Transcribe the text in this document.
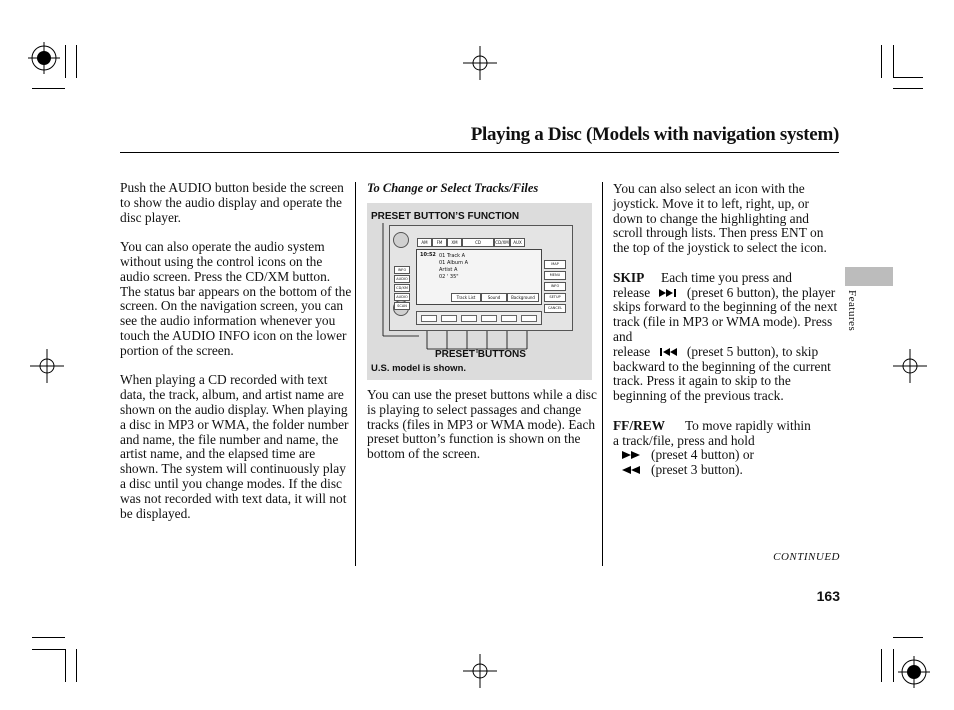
Playing a Disc (Models with navigation system)

Push the AUDIO button beside the screen to show the audio display and operate the disc player.

You can also operate the audio system without using the control icons on the audio screen. Press the CD/XM button. The status bar appears on the bottom of the screen. On the navigation screen, you can see the audio information whenever you touch the AUDIO INFO icon on the lower portion of the screen.

When playing a CD recorded with text data, the track, album, and artist name are shown on the audio display. When playing a disc in MP3 or WMA, the folder number and name, the file number and name, the artist name, and the elapsed time are shown. The system will continuously play a disc until you change modes. If the disc was not recorded with text data, it will not be displayed.

To Change or Select Tracks/Files
PRESET BUTTON’S FUNCTION
AM	FM	XM	CD	CD/XM	AUX
INFO
AUDIO
CD/XM
AUDIO
SCAN
MAP
MENU
INFO
SETUP
CANCEL
10:52 01 Track A
01 Album A
Artist A
02 ' 35"
Track List	Sound	Background
PRESET BUTTONS
U.S. model is shown.

You can use the preset buttons while a disc is playing to select passages and change tracks (files in MP3 or WMA mode). Each preset button’s function is shown on the bottom of the screen.

You can also select an icon with the joystick. Move it to left, right, up, or down to change the highlighting and scroll through lists. Then press ENT on the top of the joystick to select the icon.

SKIP Each time you press and
release	(preset 6 button), the player skips forward to the beginning of the next track (file in MP3 or WMA mode). Press and
release	(preset 5 button), to skip backward to the beginning of the current track. Press it again to skip to the beginning of the previous track.

FF/REW To move rapidly within
a track/file, press and hold
(preset 4 button) or
(preset 3 button).

Features
CONTINUED
163
